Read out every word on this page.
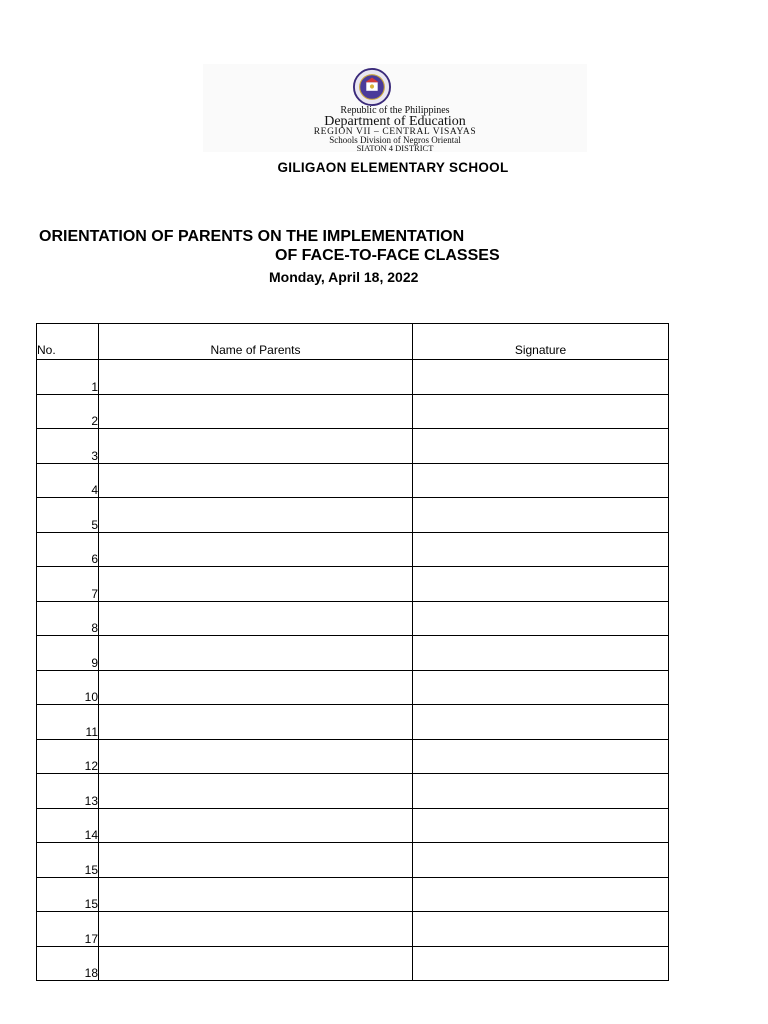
Republic of the Philippines
Department of Education
REGION VII – CENTRAL VISAYAS
Schools Division of Negros Oriental
SIATON 4 DISTRICT
GILIGAON ELEMENTARY SCHOOL
ORIENTATION OF PARENTS ON THE IMPLEMENTATION
OF FACE-TO-FACE CLASSES
Monday, April 18, 2022
No.	Name of Parents	Signature
1		
2		
3		
4		
5		
6		
7		
8		
9		
10		
11		
12		
13		
14		
15		
15		
17		
18		
